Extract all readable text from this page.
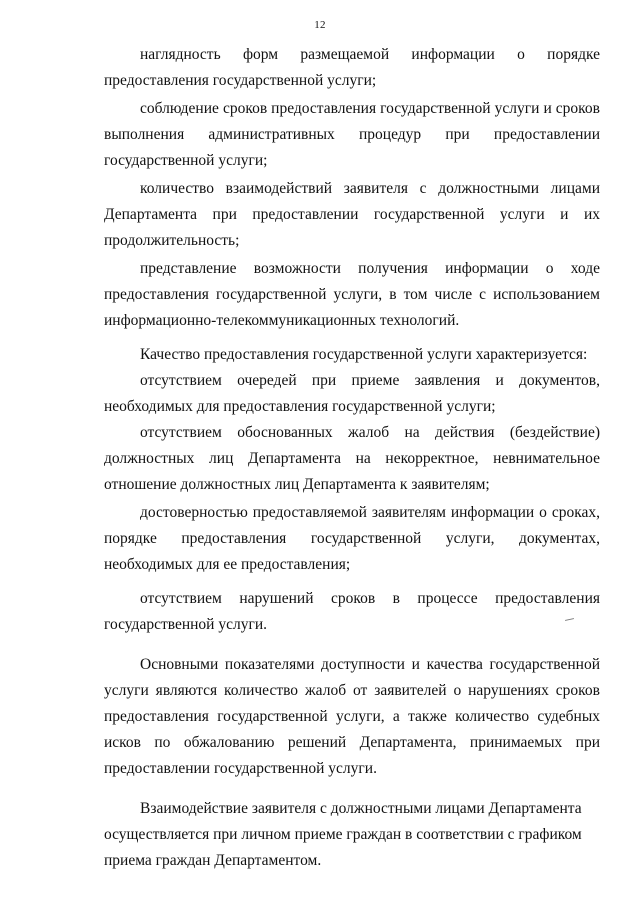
12

наглядность форм размещаемой информации о порядке предоставления государственной услуги;

соблюдение сроков предоставления государственной услуги и сроков выполнения административных процедур при предоставлении государственной услуги;

количество взаимодействий заявителя с должностными лицами Департамента при предоставлении государственной услуги и их продолжительность;

представление возможности получения информации о ходе предоставления государственной услуги, в том числе с использованием информационно-телекоммуникационных технологий.

Качество предоставления государственной услуги характеризуется:

отсутствием очередей при приеме заявления и документов, необходимых для предоставления государственной услуги;

отсутствием обоснованных жалоб на действия (бездействие) должностных лиц Департамента на некорректное, невнимательное отношение должностных лиц Департамента к заявителям;

достоверностью предоставляемой заявителям информации о сроках, порядке предоставления государственной услуги, документах, необходимых для ее предоставления;

отсутствием нарушений сроков в процессе предоставления государственной услуги.

Основными показателями доступности и качества государственной услуги являются количество жалоб от заявителей о нарушениях сроков предоставления государственной услуги, а также количество судебных исков по обжалованию решений Департамента, принимаемых при предоставлении государственной услуги.

Взаимодействие заявителя с должностными лицами Департамента осуществляется при личном приеме граждан в соответствии с графиком приема граждан Департаментом.
